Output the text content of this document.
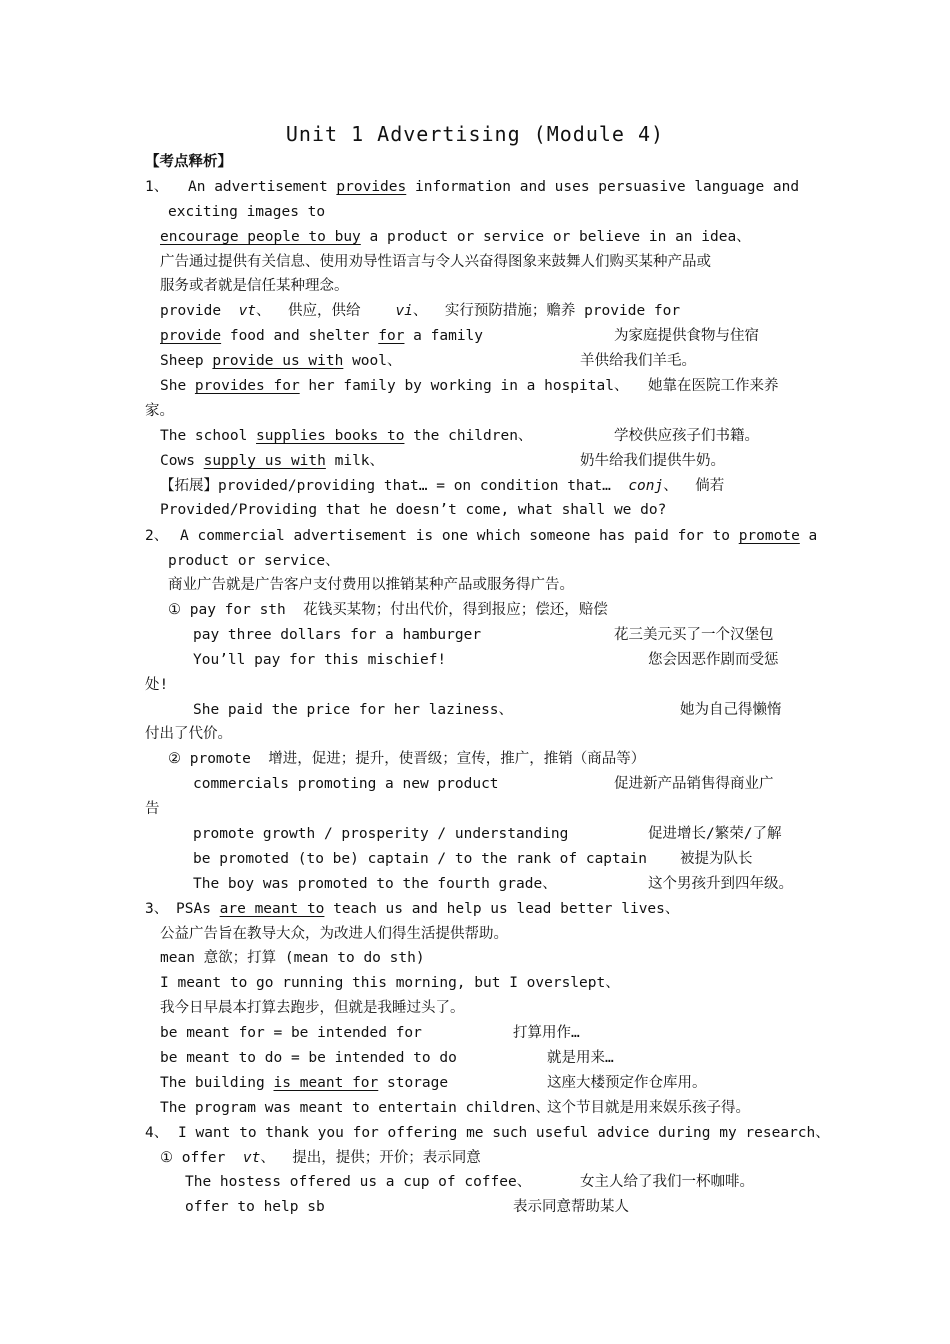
Unit 1 Advertising (Module 4)
【考点释析】
1、 An advertisement provides information and uses persuasive language and
exciting images to
encourage people to buy a product or service or believe in an idea、
广告通过提供有关信息、使用劝导性语言与令人兴奋得图象来鼓舞人们购买某种产品或
服务或者就是信任某种理念。
provide  vt、  供应，供给    vi、  实行预防措施；赡养 provide for
provide food and shelter for a family	为家庭提供食物与住宿
Sheep provide us with wool、	羊供给我们羊毛。
She provides for her family by working in a hospital、 她靠在医院工作来养
家。
The school supplies books to the children、	学校供应孩子们书籍。
Cows supply us with milk、	奶牛给我们提供牛奶。
【拓展】provided/providing that… = on condition that…  conj、  倘若
Provided/Providing that he doesn’t come, what shall we do?
2、 A commercial advertisement is one which someone has paid for to promote a
product or service、
商业广告就是广告客户支付费用以推销某种产品或服务得广告。
① pay for sth  花钱买某物；付出代价，得到报应；偿还，赔偿
pay three dollars for a hamburger	花三美元买了一个汉堡包
You’ll pay for this mischief!	您会因恶作剧而受惩
处!
She paid the price for her laziness、	她为自己得懒惰
付出了代价。
② promote  增进，促进；提升，使晋级；宣传，推广，推销（商品等）
commercials promoting a new product	促进新产品销售得商业广
告
promote growth / prosperity / understanding	促进增长/繁荣/了解
be promoted (to be) captain / to the rank of captain 被提为队长
The boy was promoted to the fourth grade、	这个男孩升到四年级。
3、 PSAs are meant to teach us and help us lead better lives、
公益广告旨在教导大众，为改进人们得生活提供帮助。
mean 意欲；打算 (mean to do sth)
I meant to go running this morning, but I overslept、
我今日早晨本打算去跑步，但就是我睡过头了。
be meant for = be intended for	打算用作…
be meant to do = be intended to do	就是用来…
The building is meant for storage	这座大楼预定作仓库用。
The program was meant to entertain children、
这个节目就是用来娱乐孩子得。
4、 I want to thank you for offering me such useful advice during my research、
① offer  vt、  提出，提供；开价；表示同意
The hostess offered us a cup of coffee、	女主人给了我们一杯咖啡。
offer to help sb	表示同意帮助某人
